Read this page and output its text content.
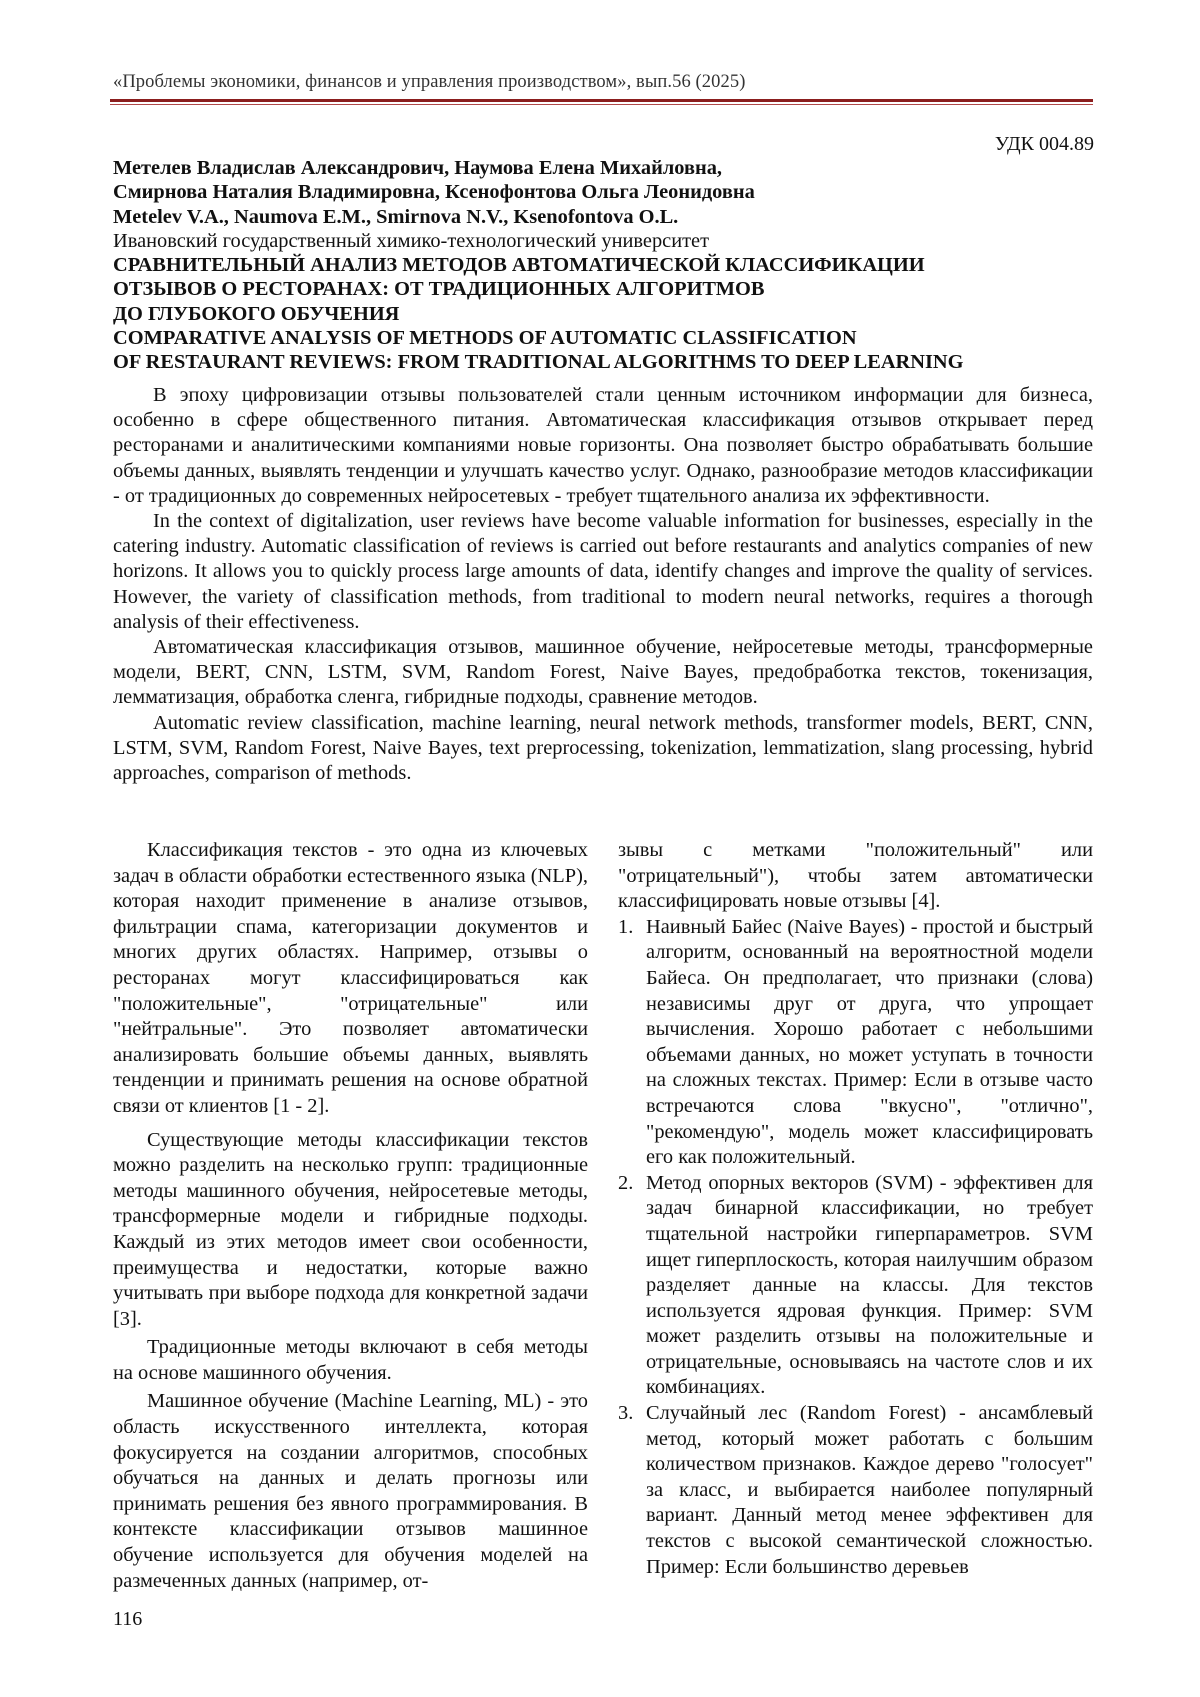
«Проблемы экономики, финансов и управления производством», вып.56 (2025)
УДК 004.89
Метелев Владислав Александрович, Наумова Елена Михайловна,
Смирнова Наталия Владимировна, Ксенофонтова Ольга Леонидовна
Metelev V.A., Naumova E.M., Smirnova N.V., Ksenofontova O.L.
Ивановский государственный химико-технологический университет
СРАВНИТЕЛЬНЫЙ АНАЛИЗ МЕТОДОВ АВТОМАТИЧЕСКОЙ КЛАССИФИКАЦИИ
ОТЗЫВОВ О РЕСТОРАНАХ: ОТ ТРАДИЦИОННЫХ АЛГОРИТМОВ
ДО ГЛУБОКОГО ОБУЧЕНИЯ
COMPARATIVE ANALYSIS OF METHODS OF AUTOMATIC CLASSIFICATION
OF RESTAURANT REVIEWS: FROM TRADITIONAL ALGORITHMS TO DEEP LEARNING

В эпоху цифровизации отзывы пользователей стали ценным источником информации для бизнеса, особенно в сфере общественного питания. Автоматическая классификация отзывов открывает перед ресторанами и аналитическими компаниями новые горизонты. Она позволяет быстро обрабатывать большие объемы данных, выявлять тенденции и улучшать качество услуг. Однако, разнообразие методов классификации - от традиционных до современных нейросетевых - требует тщательного анализа их эффективности.

In the context of digitalization, user reviews have become valuable information for businesses, especially in the catering industry. Automatic classification of reviews is carried out before restaurants and analytics companies of new horizons. It allows you to quickly process large amounts of data, identify changes and improve the quality of services. However, the variety of classification methods, from traditional to modern neural networks, requires a thorough analysis of their effectiveness.

Автоматическая классификация отзывов, машинное обучение, нейросетевые методы, трансформерные модели, BERT, CNN, LSTM, SVM, Random Forest, Naive Bayes, предобработка текстов, токенизация, лемматизация, обработка сленга, гибридные подходы, сравнение методов.

Automatic review classification, machine learning, neural network methods, transformer models, BERT, CNN, LSTM, SVM, Random Forest, Naive Bayes, text preprocessing, tokenization, lemmatization, slang processing, hybrid approaches, comparison of methods.

Классификация текстов - это одна из ключевых задач в области обработки естественного языка (NLP), которая находит применение в анализе отзывов, фильтрации спама, категоризации документов и многих других областях. Например, отзывы о ресторанах могут классифицироваться как "положительные", "отрицательные" или "нейтральные". Это позволяет автоматически анализировать большие объемы данных, выявлять тенденции и принимать решения на основе обратной связи от клиентов [1 - 2].

Существующие методы классификации текстов можно разделить на несколько групп: традиционные методы машинного обучения, нейросетевые методы, трансформерные модели и гибридные подходы. Каждый из этих методов имеет свои особенности, преимущества и недостатки, которые важно учитывать при выборе подхода для конкретной задачи [3].

Традиционные методы включают в себя методы на основе машинного обучения.

Машинное обучение (Machine Learning, ML) - это область искусственного интеллекта, которая фокусируется на создании алгоритмов, способных обучаться на данных и делать прогнозы или принимать решения без явного программирования. В контексте классификации отзывов машинное обучение используется для обучения моделей на размеченных данных (например, от-

зывы с метками "положительный" или "отрицательный"), чтобы затем автоматически классифицировать новые отзывы [4].

1. Наивный Байес (Naive Bayes) - простой и быстрый алгоритм, основанный на вероятностной модели Байеса. Он предполагает, что признаки (слова) независимы друг от друга, что упрощает вычисления. Хорошо работает с небольшими объемами данных, но может уступать в точности на сложных текстах. Пример: Если в отзыве часто встречаются слова "вкусно", "отлично", "рекомендую", модель может классифицировать его как положительный.
2. Метод опорных векторов (SVM) - эффективен для задач бинарной классификации, но требует тщательной настройки гиперпараметров. SVM ищет гиперплоскость, которая наилучшим образом разделяет данные на классы. Для текстов используется ядровая функция. Пример: SVM может разделить отзывы на положительные и отрицательные, основываясь на частоте слов и их комбинациях.
3. Случайный лес (Random Forest) - ансамблевый метод, который может работать с большим количеством признаков. Каждое дерево "голосует" за класс, и выбирается наиболее популярный вариант. Данный метод менее эффективен для текстов с высокой семантической сложностью. Пример: Если большинство деревьев
116
